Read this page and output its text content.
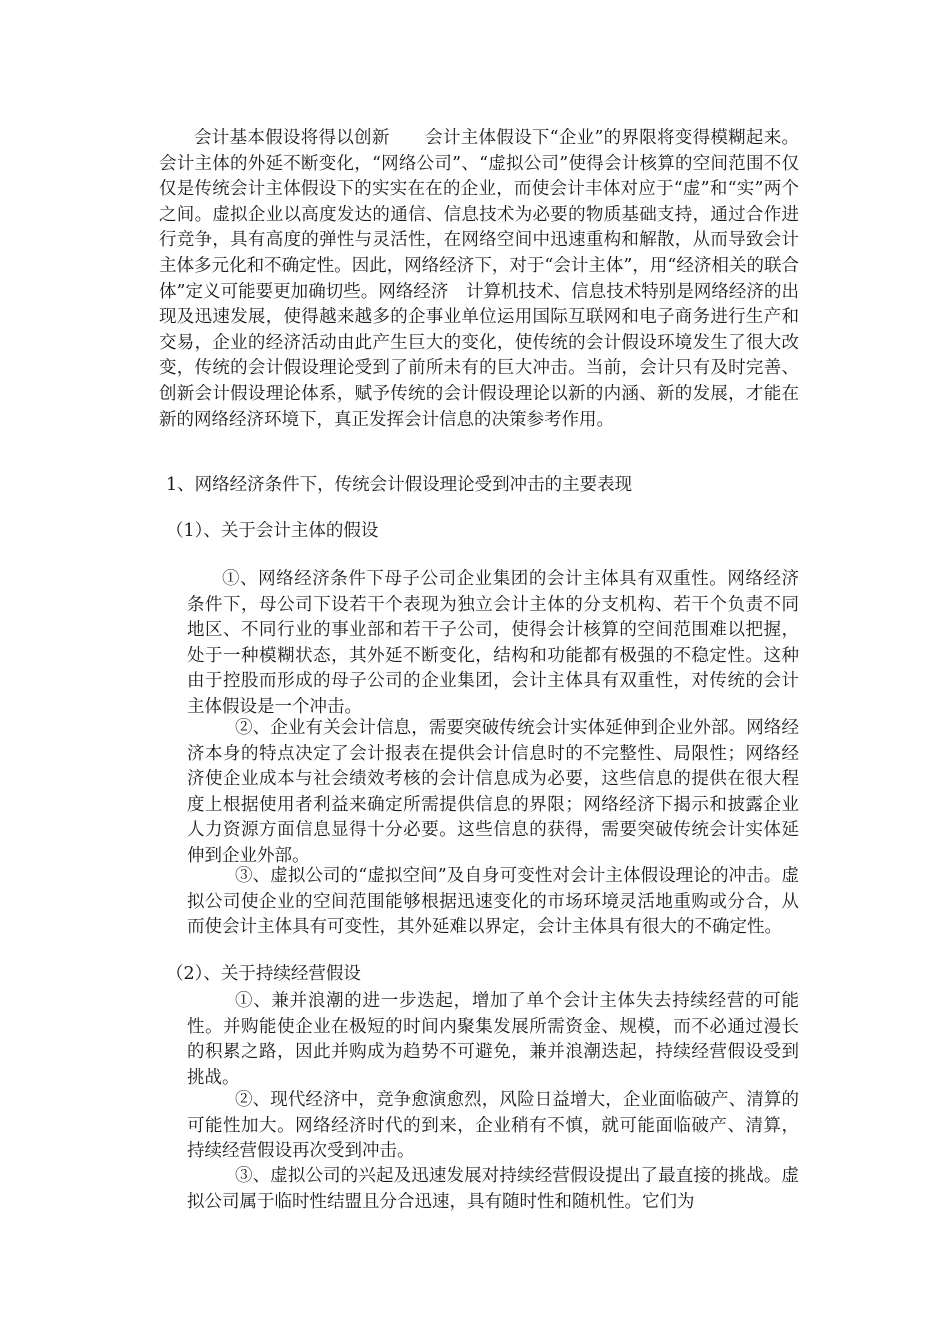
会计基本假设将得以创新　　会计主体假设下“企业”的界限将变得模糊起来。会计主体的外延不断变化，“网络公司”、“虚拟公司”使得会计核算的空间范围不仅仅是传统会计主体假设下的实实在在的企业，而使会计丰体对应于“虚”和“实”两个之间。虚拟企业以高度发达的通信、信息技术为必要的物质基础支持，通过合作进行竞争，具有高度的弹性与灵活性，在网络空间中迅速重构和解散，从而导致会计主体多元化和不确定性。因此，网络经济下，对于“会计主体”，用“经济相关的联合体”定义可能要更加确切些。网络经济　计算机技术、信息技术特别是网络经济的出现及迅速发展，使得越来越多的企事业单位运用国际互联网和电子商务进行生产和交易，企业的经济活动由此产生巨大的变化，使传统的会计假设环境发生了很大改变，传统的会计假设理论受到了前所未有的巨大冲击。当前，会计只有及时完善、创新会计假设理论体系，赋予传统的会计假设理论以新的内涵、新的发展，才能在新的网络经济环境下，真正发挥会计信息的决策参考作用。

1、网络经济条件下，传统会计假设理论受到冲击的主要表现

（1）、关于会计主体的假设

①、网络经济条件下母子公司企业集团的会计主体具有双重性。网络经济条件下，母公司下设若干个表现为独立会计主体的分支机构、若干个负责不同地区、不同行业的事业部和若干子公司，使得会计核算的空间范围难以把握，处于一种模糊状态，其外延不断变化，结构和功能都有极强的不稳定性。这种由于控股而形成的母子公司的企业集团，会计主体具有双重性，对传统的会计主体假设是一个冲击。

②、企业有关会计信息，需要突破传统会计实体延伸到企业外部。网络经济本身的特点决定了会计报表在提供会计信息时的不完整性、局限性；网络经济使企业成本与社会绩效考核的会计信息成为必要，这些信息的提供在很大程度上根据使用者利益来确定所需提供信息的界限；网络经济下揭示和披露企业人力资源方面信息显得十分必要。这些信息的获得，需要突破传统会计实体延伸到企业外部。

③、虚拟公司的“虚拟空间”及自身可变性对会计主体假设理论的冲击。虚拟公司使企业的空间范围能够根据迅速变化的市场环境灵活地重购或分合，从而使会计主体具有可变性，其外延难以界定，会计主体具有很大的不确定性。

（2）、关于持续经营假设

①、兼并浪潮的进一步迭起，增加了单个会计主体失去持续经营的可能性。并购能使企业在极短的时间内聚集发展所需资金、规模，而不必通过漫长的积累之路，因此并购成为趋势不可避免，兼并浪潮迭起，持续经营假设受到挑战。

②、现代经济中，竞争愈演愈烈，风险日益增大，企业面临破产、清算的可能性加大。网络经济时代的到来，企业稍有不慎，就可能面临破产、清算，持续经营假设再次受到冲击。

③、虚拟公司的兴起及迅速发展对持续经营假设提出了最直接的挑战。虚拟公司属于临时性结盟且分合迅速，具有随时性和随机性。它们为
